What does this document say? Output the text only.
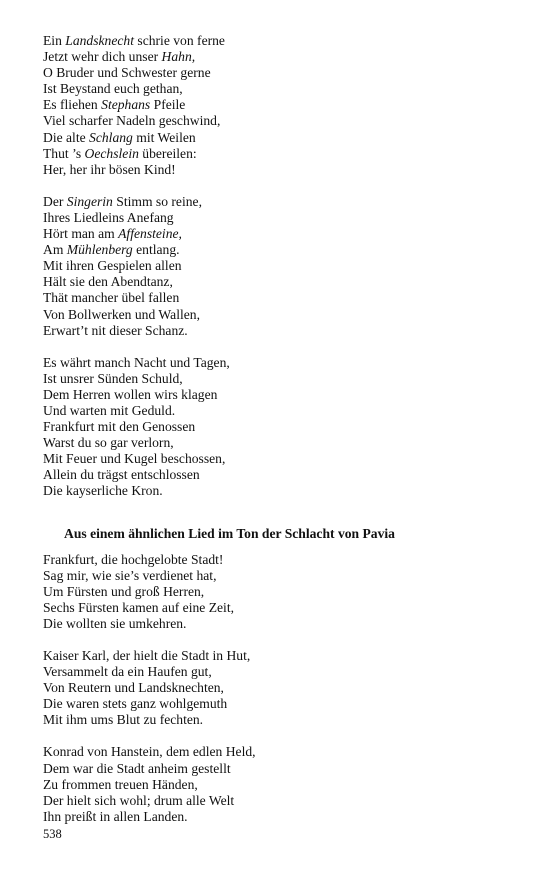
Ein Landsknecht schrie von ferne
Jetzt wehr dich unser Hahn,
O Bruder und Schwester gerne
Ist Beystand euch gethan,
Es fliehen Stephans Pfeile
Viel scharfer Nadeln geschwind,
Die alte Schlang mit Weilen
Thut ’s Oechslein übereilen:
Her, her ihr bösen Kind!
Der Singerin Stimm so reine,
Ihres Liedleins Anefang
Hört man am Affensteine,
Am Mühlenberg entlang.
Mit ihren Gespielen allen
Hält sie den Abendtanz,
Thät mancher übel fallen
Von Bollwerken und Wallen,
Erwart’t nit dieser Schanz.
Es währt manch Nacht und Tagen,
Ist unsrer Sünden Schuld,
Dem Herren wollen wirs klagen
Und warten mit Geduld.
Frankfurt mit den Genossen
Warst du so gar verlorn,
Mit Feuer und Kugel beschossen,
Allein du trägst entschlossen
Die kayserliche Kron.
Aus einem ähnlichen Lied im Ton der Schlacht von Pavia
Frankfurt, die hochgelobte Stadt!
Sag mir, wie sie’s verdienet hat,
Um Fürsten und groß Herren,
Sechs Fürsten kamen auf eine Zeit,
Die wollten sie umkehren.
Kaiser Karl, der hielt die Stadt in Hut,
Versammelt da ein Haufen gut,
Von Reutern und Landsknechten,
Die waren stets ganz wohlgemuth
Mit ihm ums Blut zu fechten.
Konrad von Hanstein, dem edlen Held,
Dem war die Stadt anheim gestellt
Zu frommen treuen Händen,
Der hielt sich wohl; drum alle Welt
Ihn preißt in allen Landen.
538
